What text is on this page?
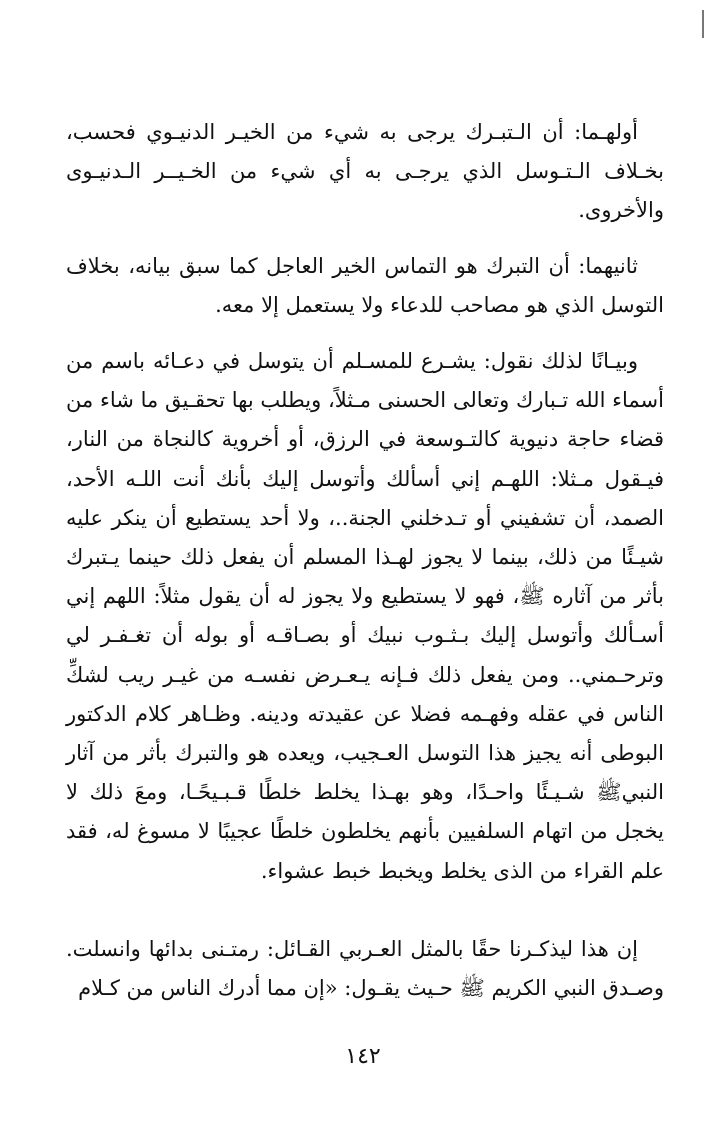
أولهـما: أن الـتبـرك يرجى به شيء من الخيـر الدنيـوي فحسب، بخـلاف الـتـوسل الذي يرجـى به أي شيء من الخـيــر الـدنيـوى والأخروى.

ثانيهما: أن التبرك هو التماس الخير العاجل كما سبق بيانه، بخلاف التوسل الذي هو مصاحب للدعاء ولا يستعمل إلا معه.

وبيـانًا لذلك نقول: يشـرع للمسـلم أن يتوسل في دعـائه باسم من أسماء الله تـبارك وتعالى الحسنى مـثلاً، ويطلب بها تحقـيق ما شاء من قضاء حاجة دنيوية كالتـوسعة في الرزق، أو أخروية كالنجاة من النار، فيـقول مـثلا: اللهـم إني أسألك وأتوسل إليك بأنك أنت اللـه الأحد، الصمد، أن تشفيني أو تـدخلني الجنة..، ولا أحد يستطيع أن ينكر عليه شيـئًا من ذلك، بينما لا يجوز لهـذا المسلم أن يفعل ذلك حينما يـتبرك بأثر من آثاره ﷺ، فهو لا يستطيع ولا يجوز له أن يقول مثلاً: اللهم إني أسـألك وأتوسل إليك بـثـوب نبيك أو بصـاقـه أو بوله أن تغـفـر لي وترحـمني.. ومن يفعل ذلك فـإنه يـعـرض نفسـه من غيـر ريب لشكِّ الناس في عقله وفهـمه فضلا عن عقيدته ودينه. وظـاهر كلام الدكتور البوطى أنه يجيز هذا التوسل العـجيب، ويعده هو والتبرك بأثر من آثار النبيﷺ شـيـئًا واحـدًا، وهو بهـذا يخلط خلطًا قـبـيحًـا، ومعَ ذلك لا يخجل من اتهام السلفيين بأنهم يخلطون خلطًا عجيبًا لا مسوغ له، فقد علم القراء من الذى يخلط ويخبط خبط عشواء.

إن هذا ليذكـرنا حقًا بالمثل العـربي القـائل: رمتـنى بدائها وانسلت. وصـدق النبي الكريم ﷺ حـيث يقـول: «إن مما أدرك الناس من كـلام

١٤٢
